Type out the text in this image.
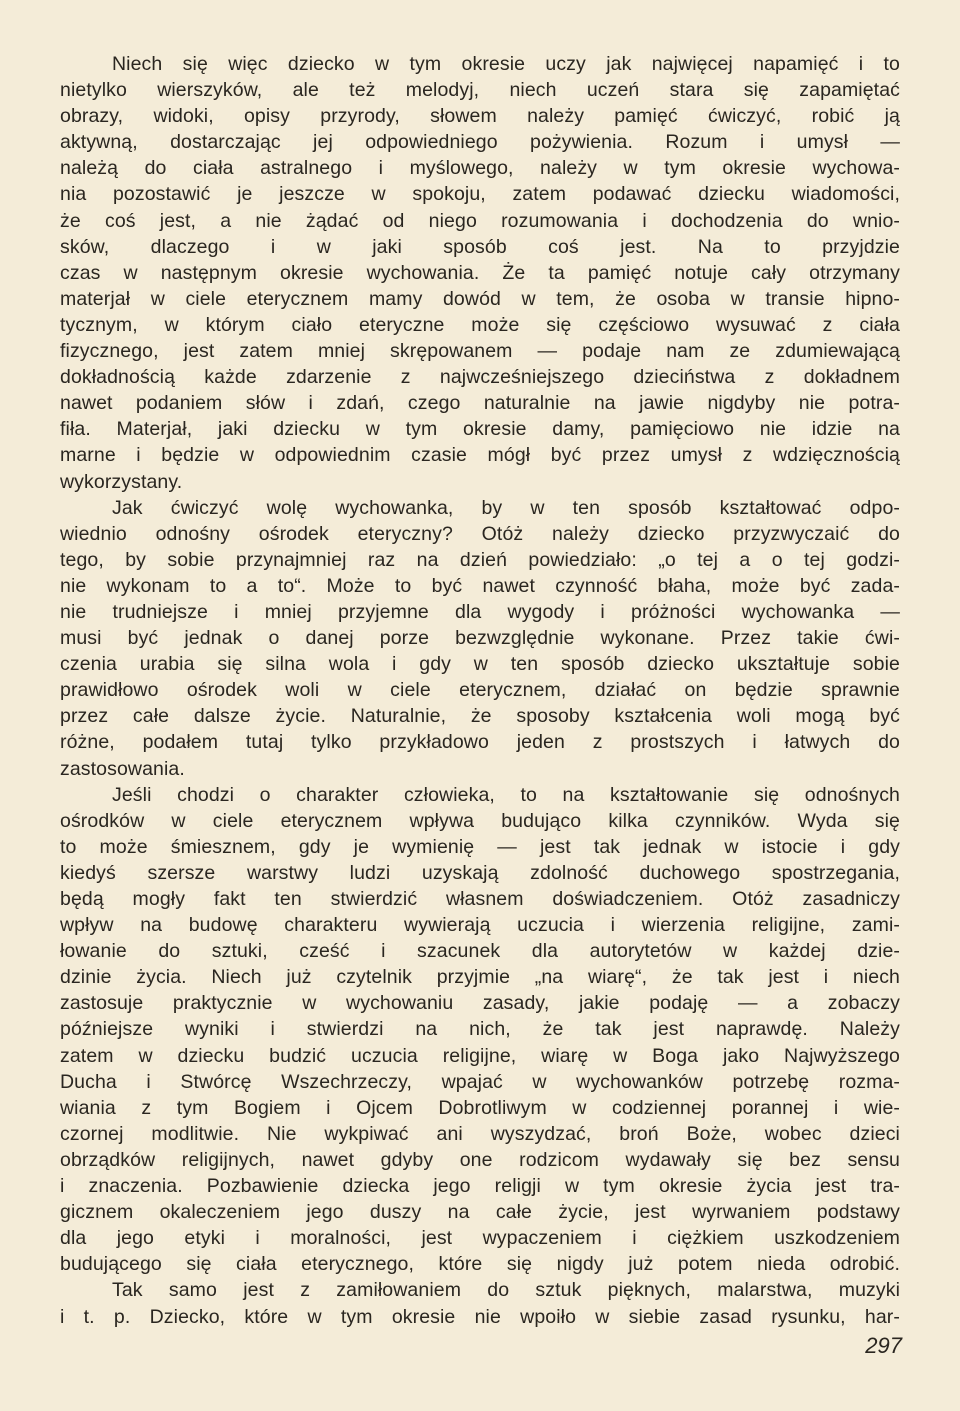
Niech się więc dziecko w tym okresie uczy jak najwięcej napamięć i to
nietylko wierszyków, ale też melodyj, niech uczeń stara się zapamiętać
obrazy, widoki, opisy przyrody, słowem należy pamięć ćwiczyć, robić ją
aktywną, dostarczając jej odpowiedniego pożywienia. Rozum i umysł —
należą do ciała astralnego i myślowego, należy w tym okresie wychowa-
nia pozostawić je jeszcze w spokoju, zatem podawać dziecku wiadomości,
że coś jest, a nie żądać od niego rozumowania i dochodzenia do wnio-
sków, dlaczego i w jaki sposób coś jest. Na to przyjdzie
czas w następnym okresie wychowania. Że ta pamięć notuje cały otrzymany
materjał w ciele eterycznem mamy dowód w tem, że osoba w transie hipno-
tycznym, w którym ciało eteryczne może się częściowo wysuwać z ciała
fizycznego, jest zatem mniej skrępowanem — podaje nam ze zdumiewającą
dokładnością każde zdarzenie z najwcześniejszego dzieciństwa z dokładnem
nawet podaniem słów i zdań, czego naturalnie na jawie nigdyby nie potra-
fiła. Materjał, jaki dziecku w tym okresie damy, pamięciowo nie idzie na
marne i będzie w odpowiednim czasie mógł być przez umysł z wdzięcznością
wykorzystany.
Jak ćwiczyć wolę wychowanka, by w ten sposób kształtować odpo-
wiednio odnośny ośrodek eteryczny? Otóż należy dziecko przyzwyczaić do
tego, by sobie przynajmniej raz na dzień powiedziało: „o tej a o tej godzi-
nie wykonam to a to“. Może to być nawet czynność błaha, może być zada-
nie trudniejsze i mniej przyjemne dla wygody i próżności wychowanka —
musi być jednak o danej porze bezwzględnie wykonane. Przez takie ćwi-
czenia urabia się silna wola i gdy w ten sposób dziecko ukształtuje sobie
prawidłowo ośrodek woli w ciele eterycznem, działać on będzie sprawnie
przez całe dalsze życie. Naturalnie, że sposoby kształcenia woli mogą być
różne, podałem tutaj tylko przykładowo jeden z prostszych i łatwych do
zastosowania.
Jeśli chodzi o charakter człowieka, to na kształtowanie się odnośnych
ośrodków w ciele eterycznem wpływa budująco kilka czynników. Wyda się
to może śmiesznem, gdy je wymienię — jest tak jednak w istocie i gdy
kiedyś szersze warstwy ludzi uzyskają zdolność duchowego spostrzegania,
będą mogły fakt ten stwierdzić własnem doświadczeniem. Otóż zasadniczy
wpływ na budowę charakteru wywierają uczucia i wierzenia religijne, zami-
łowanie do sztuki, cześć i szacunek dla autorytetów w każdej dzie-
dzinie życia. Niech już czytelnik przyjmie „na wiarę“, że tak jest i niech
zastosuje praktycznie w wychowaniu zasady, jakie podaję — a zobaczy
późniejsze wyniki i stwierdzi na nich, że tak jest naprawdę. Należy
zatem w dziecku budzić uczucia religijne, wiarę w Boga jako Najwyższego
Ducha i Stwórcę Wszechrzeczy, wpajać w wychowanków potrzebę rozma-
wiania z tym Bogiem i Ojcem Dobrotliwym w codziennej porannej i wie-
czornej modlitwie. Nie wykpiwać ani wyszydzać, broń Boże, wobec dzieci
obrządków religijnych, nawet gdyby one rodzicom wydawały się bez sensu
i znaczenia. Pozbawienie dziecka jego religji w tym okresie życia jest tra-
gicznem okaleczeniem jego duszy na całe życie, jest wyrwaniem podstawy
dla jego etyki i moralności, jest wypaczeniem i ciężkiem uszkodzeniem
budującego się ciała eterycznego, które się nigdy już potem nieda odrobić.
Tak samo jest z zamiłowaniem do sztuk pięknych, malarstwa, muzyki
i t. p. Dziecko, które w tym okresie nie wpoiło w siebie zasad rysunku, har-
297
